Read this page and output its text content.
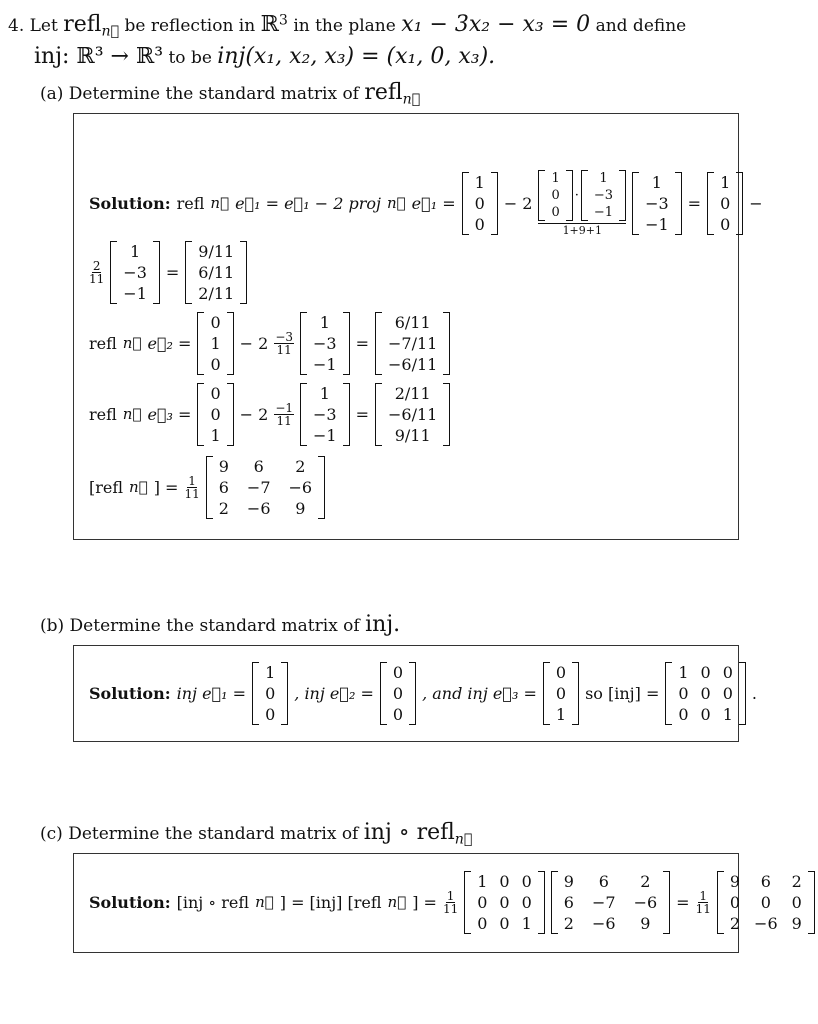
4. Let refl$_{n⃗}$ be reflection in ℝ$^3$ in the plane x₁ − 3x₂ − x₃ = 0 and define
inj: ℝ³ → ℝ³ to be inj(x₁, x₂, x₃) = (x₁, 0, x₃).
(a) Determine the standard matrix of refl$_{n⃗}$
Solution: refl n⃗ e⃗₁ = e⃗₁ − 2 proj n⃗ e⃗₁ =
1
0
0
− 2
1
0
0
·
1
−3
−1
1+9+1
1
−3
−1
=
1
0
0
−
$\frac{2}{11}$
1
−3
−1
=
9/11
6/11
2/11
refl n⃗ e⃗₂ =
0
1
0
− $2 \frac{-3}{11}$
1
−3
−1
=
6/11
−7/11
−6/11
refl n⃗ e⃗₃ =
0
0
1
− $2 \frac{-1}{11}$
1
−3
−1
=
2/11
−6/11
9/11
[refl n⃗ ] = $\frac{1}{11}$
9	6	2
6 −7 −6
2 −6	9
(b) Determine the standard matrix of inj.
Solution: inj e⃗₁ =
1
0
0
, inj e⃗₂ =
0
0
0
, and inj e⃗₃ =
0
0
1
so [inj] =
1 0 0
0 0 0
0 0 1
.
(c) Determine the standard matrix of inj ∘ refl$_{n⃗}$
Solution: [inj ∘ refl n⃗ ] = [inj] [refl n⃗ ] = $\frac{1}{11}$
1 0 0
0 0 0
0 0 1
9	6	2
6 −7 −6
2 −6	9
= $\frac{1}{11}$
9	6	2
0	0	0
2 −6 9
